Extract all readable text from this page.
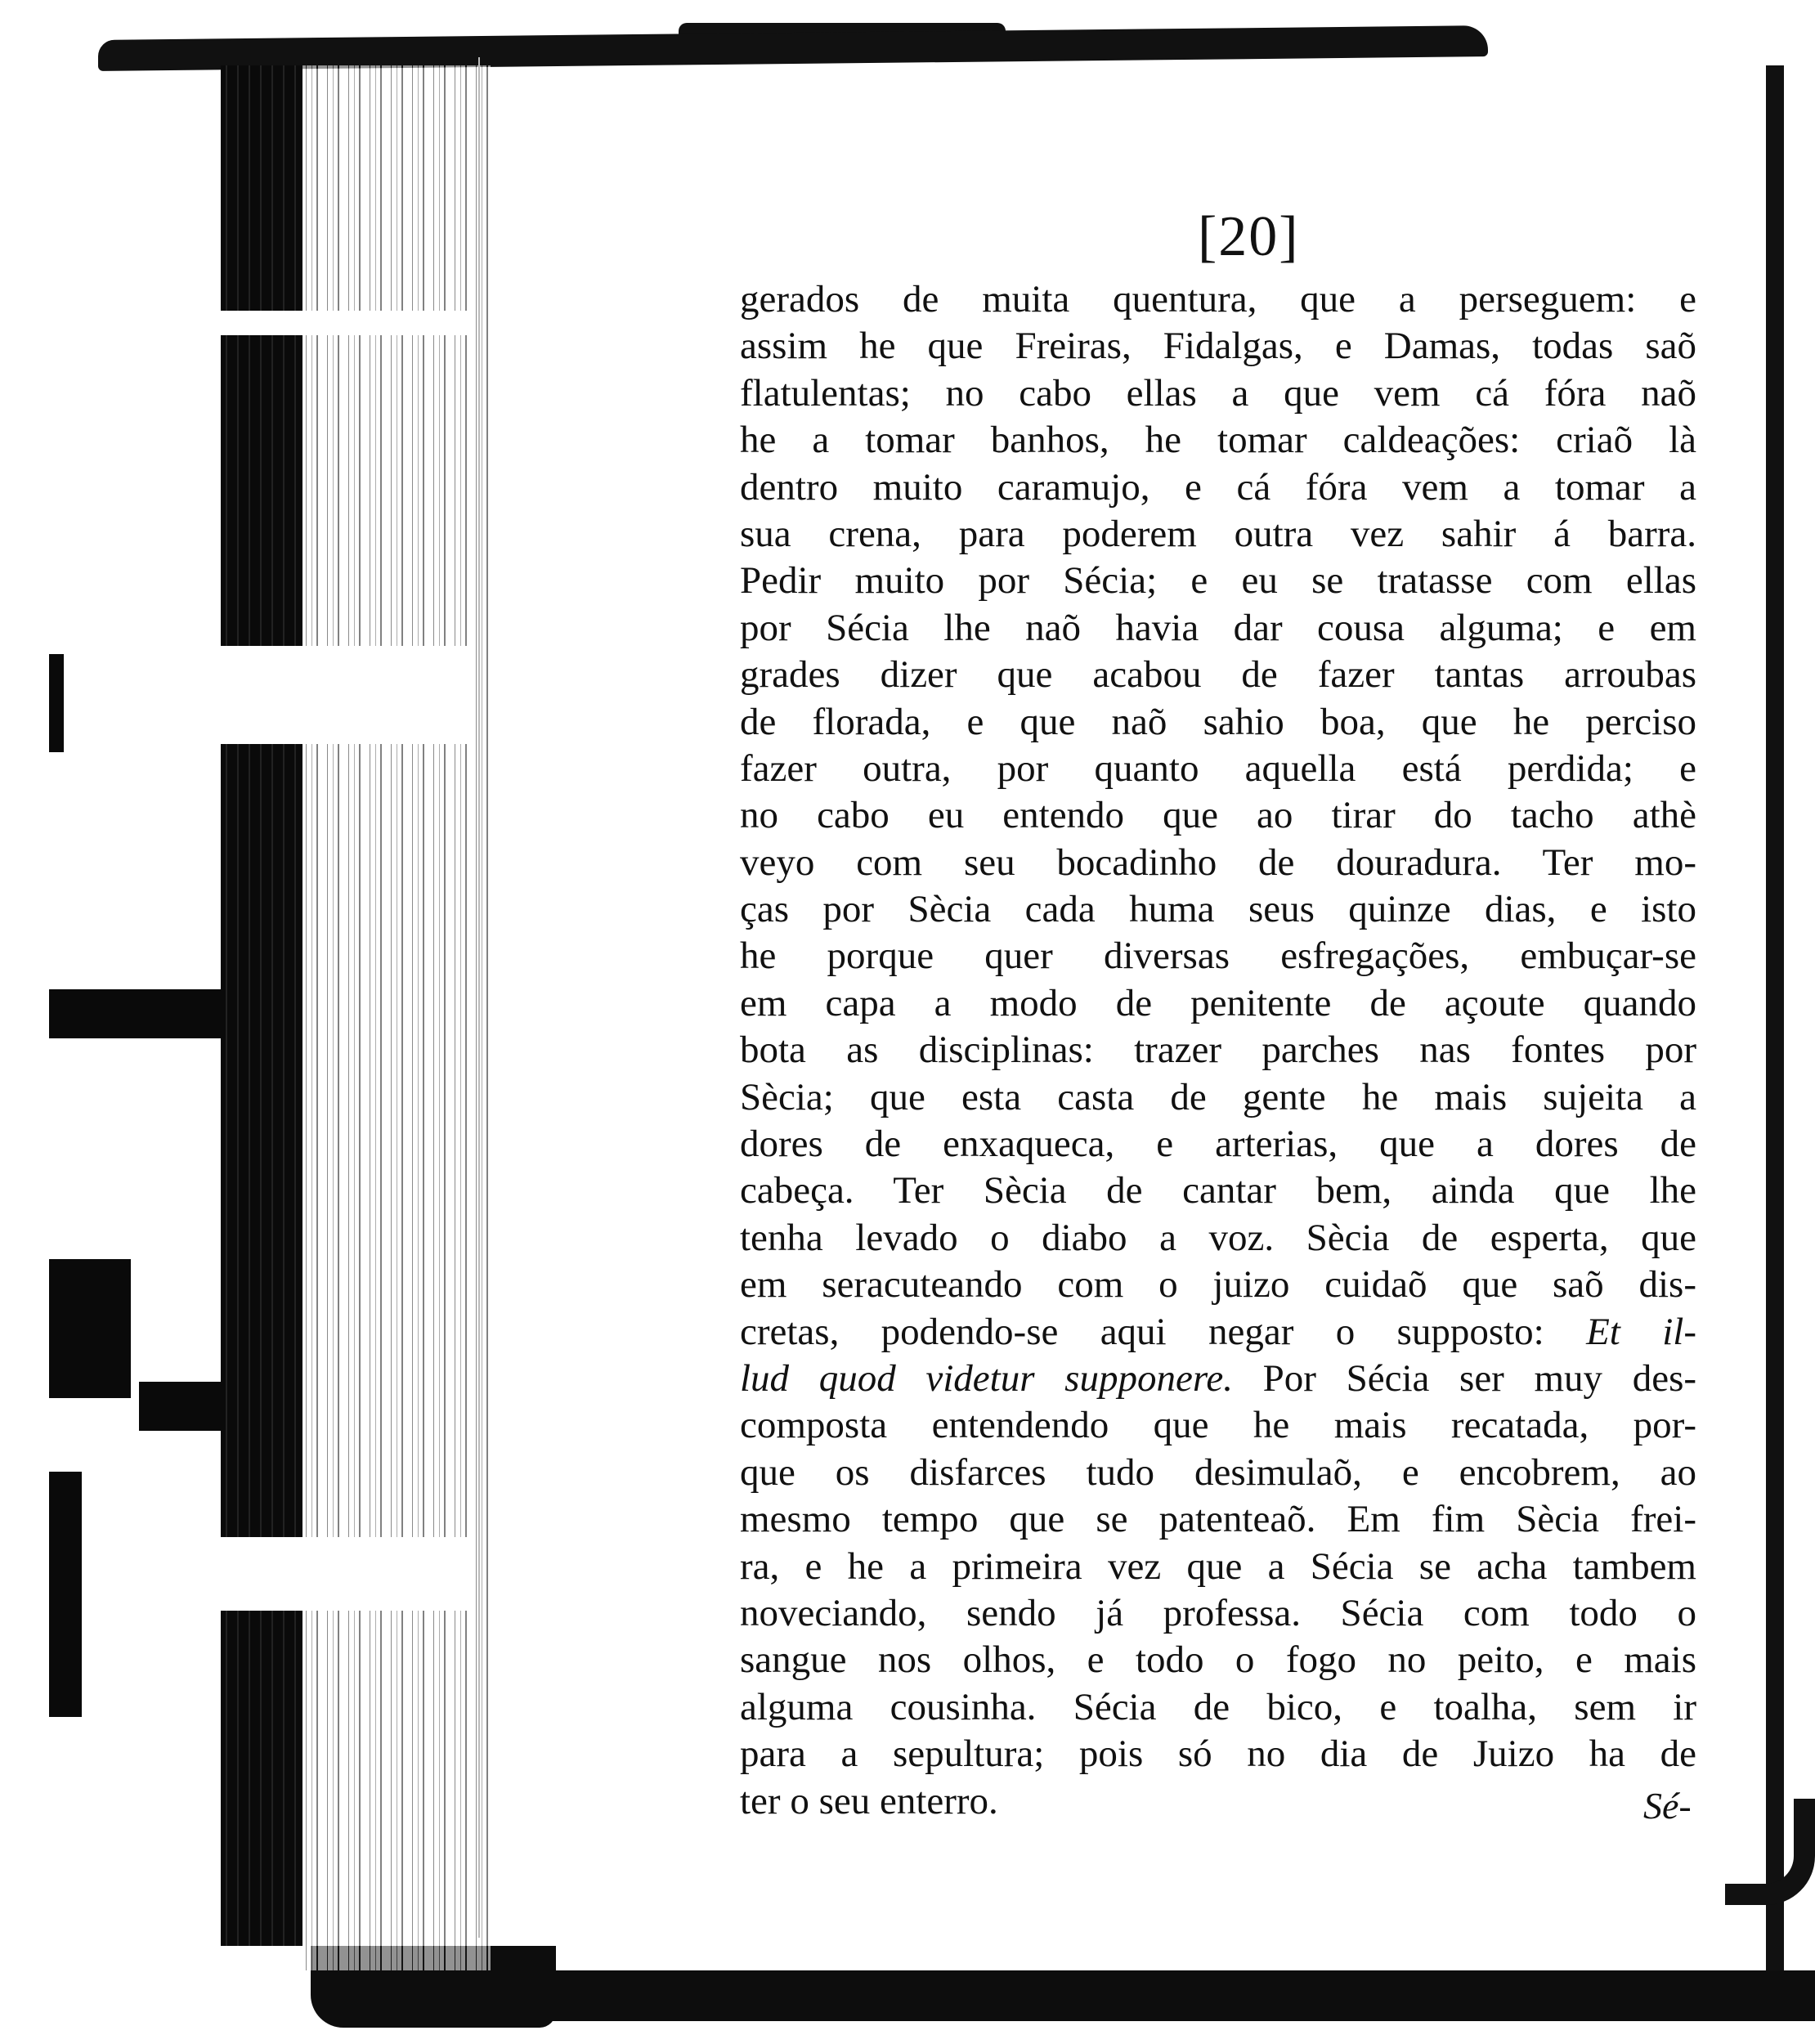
[20]
gerados de muita quentura, que a perseguem: e
assim he que Freiras, Fidalgas, e Damas, todas saõ
flatulentas; no cabo ellas a que vem cá fóra naõ
he a tomar banhos, he tomar caldeações: criaõ là
dentro muito caramujo, e cá fóra vem a tomar a
sua crena, para poderem outra vez sahir á barra.
Pedir muito por Sécia; e eu se tratasse com ellas
por Sécia lhe naõ havia dar cousa alguma; e em
grades dizer que acabou de fazer tantas arroubas
de florada, e que naõ sahio boa, que he perciso
fazer outra, por quanto aquella está perdida; e
no cabo eu entendo que ao tirar do tacho athè
veyo com seu bocadinho de douradura. Ter mo-
ças por Sècia cada huma seus quinze dias, e isto
he porque quer diversas esfregações, embuçar-se
em capa a modo de penitente de açoute quando
bota as disciplinas: trazer parches nas fontes por
Sècia; que esta casta de gente he mais sujeita a
dores de enxaqueca, e arterias, que a dores de
cabeça. Ter Sècia de cantar bem, ainda que lhe
tenha levado o diabo a voz. Sècia de esperta, que
em seracuteando com o juizo cuidaõ que saõ dis-
cretas, podendo-se aqui negar o supposto: Et il-
lud quod videtur supponere. Por Sécia ser muy des-
composta entendendo que he mais recatada, por-
que os disfarces tudo desimulaõ, e encobrem, ao
mesmo tempo que se patenteaõ. Em fim Sècia frei-
ra, e he a primeira vez que a Sécia se acha tambem
noveciando, sendo já professa. Sécia com todo o
sangue nos olhos, e todo o fogo no peito, e mais
alguma cousinha. Sécia de bico, e toalha, sem ir
para a sepultura; pois só no dia de Juizo ha de
ter o seu enterro.	Sé-
